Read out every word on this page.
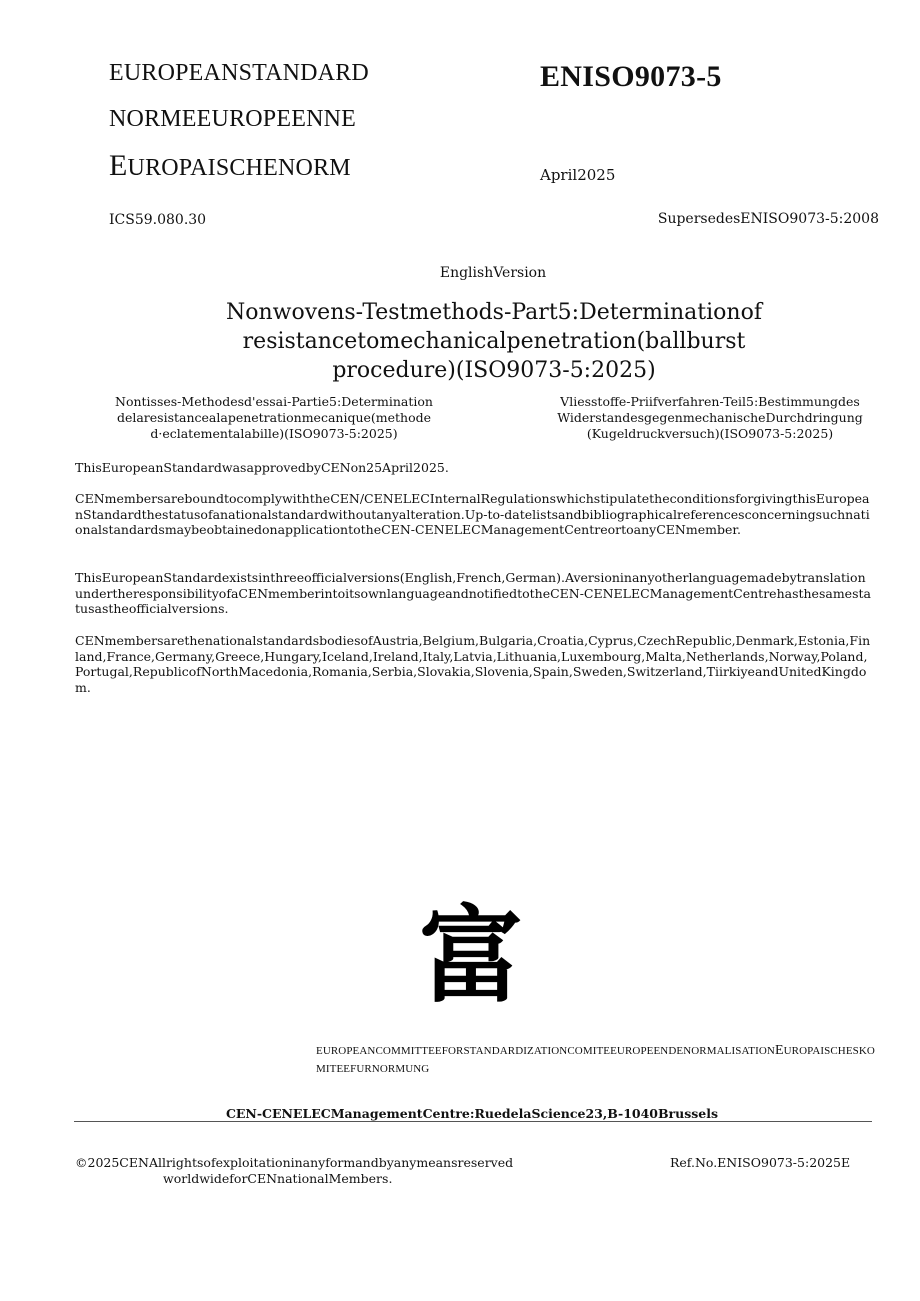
EUROPEANSTANDARD
NORMEEUROPEENNE
EUROPAISCHENORM
ENISO9073-5
April2025
ICS59.080.30	SupersedesENISO9073-5:2008
EnglishVersion
Nonwovens-Testmethods-Part5:Determinationof
resistancetomechanicalpenetration(ballburst
procedure)(ISO9073-5:2025)
Nontisses-Methodesd'essai-Partie5:Determination
delaresistancealapenetrationmecanique(methode
d·eclatementalabille)(ISO9073-5:2025)
Vliesstoffe-Priifverfahren-Teil5:Bestimmungdes
WiderstandesgegenmechanischeDurchdringung
(Kugeldruckversuch)(ISO9073-5:2025)
ThisEuropeanStandardwasapprovedbyCENon25April2025.
CENmembersareboundtocomplywiththeCEN/CENELECInternalRegulationswhichstipulatetheconditionsforgivingthisEuropeanStandardthestatusofanationalstandardwithoutanyalteration.Up-to-datelistsandbibliographicalreferencesconcerningsuchnationalstandardsmaybeobtainedonapplicationtotheCEN-CENELECManagementCentreortoanyCENmember.
ThisEuropeanStandardexistsinthreeofficialversions(English,French,German).AversioninanyotherlanguagemadebytranslationundertheresponsibilityofaCENmemberintoitsownlanguageandnotifiedtotheCEN-CENELECManagementCentrehasthesamestatusastheofficialversions.
CENmembersarethenationalstandardsbodiesofAustria,Belgium,Bulgaria,Croatia,Cyprus,CzechRepublic,Denmark,Estonia,Finland,France,Germany,Greece,Hungary,Iceland,Ireland,Italy,Latvia,Lithuania,Luxembourg,Malta,Netherlands,Norway,Poland,Portugal,RepublicofNorthMacedonia,Romania,Serbia,Slovakia,Slovenia,Spain,Sweden,Switzerland,TiirkiyeandUnitedKingdom.
富
EUROPEANCOMMITTEEFORSTANDARDIZATIONCOMITEEUROPEENDENORMALISATIONEUROPAISCHESKOMITEEFURNORMUNG
CEN-CENELECManagementCentre:RuedelaScience23,B-1040Brussels
©2025CENAllrightsofexploitationinanyformandbyanymeansreserved
worldwideforCENnationalMembers.
Ref.No.ENISO9073-5:2025E
